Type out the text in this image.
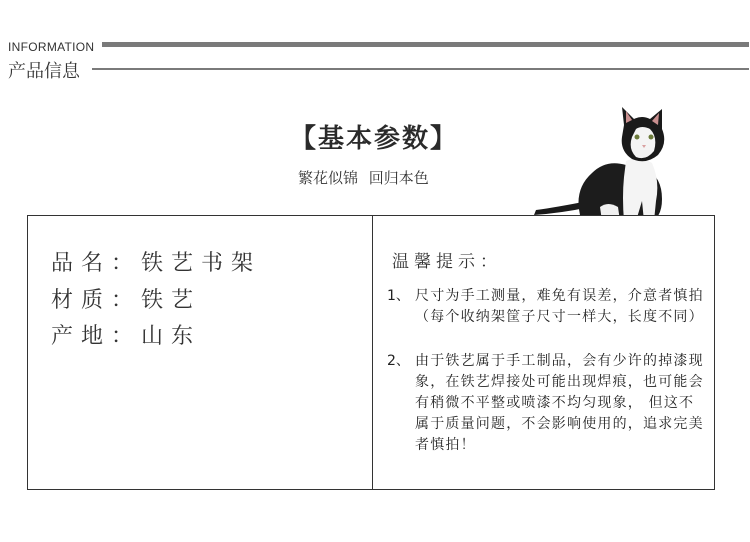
INFORMATION
产品信息
【基本参数】
繁花似锦 回归本色
品名：铁艺书架
材质：铁艺
产地：山东
温馨提示：
1、 尺寸为手工测量，难免有误差，介意者慎拍（每个收纳架筐子尺寸一样大，长度不同）
2、 由于铁艺属于手工制品，会有少许的掉漆现象，在铁艺焊接处可能出现焊痕，也可能会有稍微不平整或喷漆不均匀现象， 但这不属于质量问题，不会影响使用的，追求完美者慎拍！
